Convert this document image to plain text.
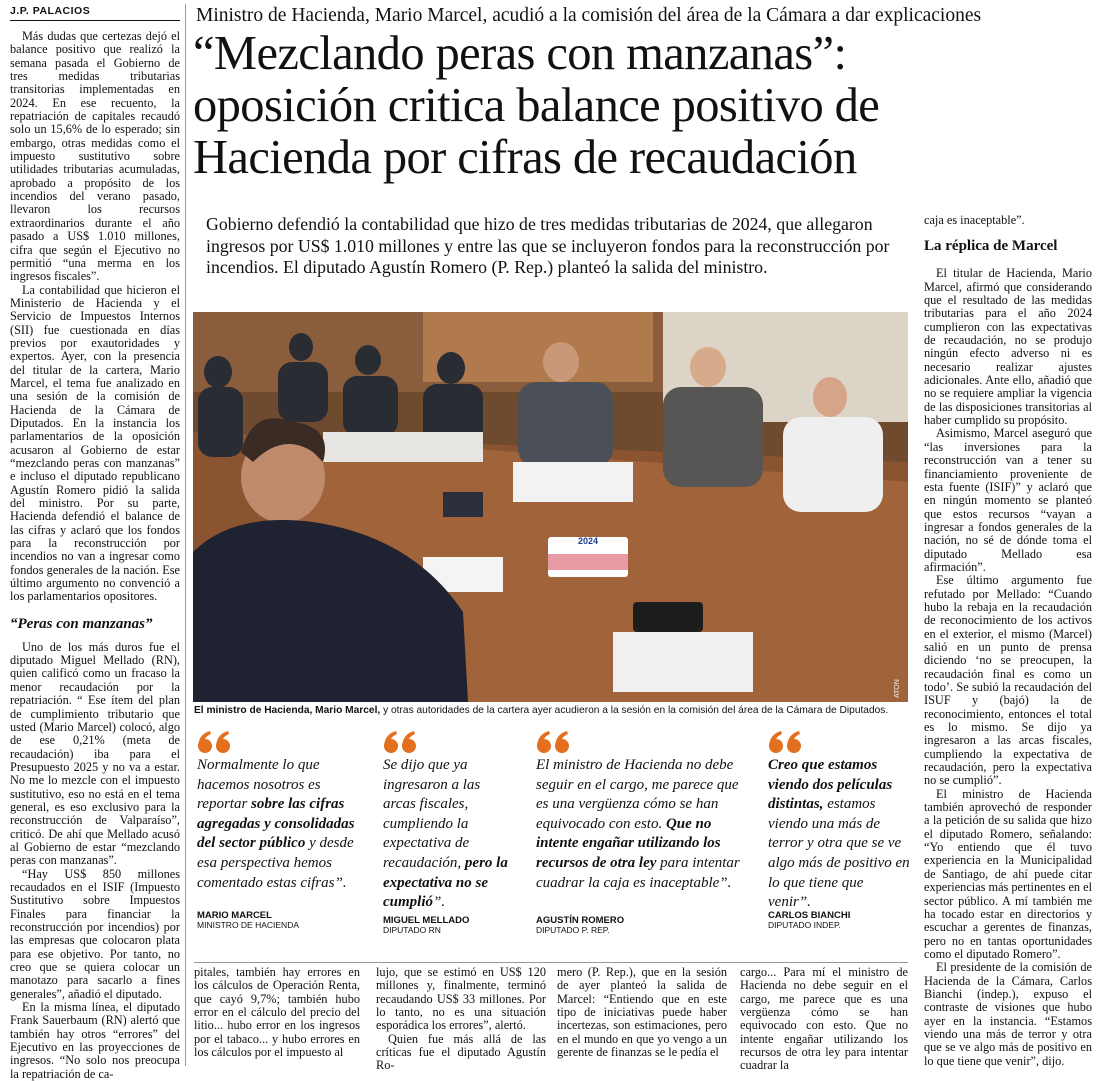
J.P. PALACIOS	Ministro de Hacienda, Mario Marcel, acudió a la comisión del área de la Cámara a dar explicaciones
“Mezclando peras con manzanas”:
oposición critica balance positivo de
Hacienda por cifras de recaudación
Gobierno defendió la contabilidad que hizo de tres medidas tributarias de 2024, que allegaron ingresos por US$ 1.010 millones y entre las que se incluyeron fondos para la reconstrucción por incendios. El diputado Agustín Romero (P. Rep.) planteó la salida del ministro.

Más dudas que certezas dejó el balance positivo que realizó la semana pasada el Gobierno de tres medidas tributarias transitorias implementadas en 2024. En ese recuento, la repatriación de capitales recaudó solo un 15,6% de lo esperado; sin embargo, otras medidas como el impuesto sustitutivo sobre utilidades tributarias acumuladas, aprobado a propósito de los incendios del verano pasado, llevaron los recursos extraordinarios durante el año pasado a US$ 1.010 millones, cifra que según el Ejecutivo no permitió “una merma en los ingresos fiscales”.

La contabilidad que hicieron el Ministerio de Hacienda y el Servicio de Impuestos Internos (SII) fue cuestionada en días previos por exautoridades y expertos. Ayer, con la presencia del titular de la cartera, Mario Marcel, el tema fue analizado en una sesión de la comisión de Hacienda de la Cámara de Diputados. En la instancia los parlamentarios de la oposición acusaron al Gobierno de estar “mezclando peras con manzanas” e incluso el diputado republicano Agustín Romero pidió la salida del ministro. Por su parte, Hacienda defendió el balance de las cifras y aclaró que los fondos para la reconstrucción por incendios no van a ingresar como fondos generales de la nación. Ese último argumento no convenció a los parlamentarios opositores.

“Peras con manzanas”

Uno de los más duros fue el diputado Miguel Mellado (RN), quien calificó como un fracaso la menor recaudación por la repatriación. “ Ese ítem del plan de cumplimiento tributario que usted (Mario Marcel) colocó, algo de ese 0,21% (meta de recaudación) iba para el Presupuesto 2025 y no va a estar. No me lo mezcle con el impuesto sustitutivo, eso no está en el tema general, es eso exclusivo para la reconstrucción de Valparaíso”, criticó. De ahí que Mellado acusó al Gobierno de estar “mezclando peras con manzanas”.

“Hay US$ 850 millones recaudados en el ISIF (Impuesto Sustitutivo sobre Impuestos Finales para financiar la reconstrucción por incendios) por las empresas que colocaron plata para ese objetivo. Por tanto, no creo que se quiera colocar un manotazo para sacarlo a fines generales”, añadió el diputado.

En la misma línea, el diputado Frank Sauerbaum (RN) alertó que también hay otros “errores” del Ejecutivo en las proyecciones de ingresos. “No solo nos preocupa la repatriación de ca-

2024
ATON
El ministro de Hacienda, Mario Marcel, y otras autoridades de la cartera ayer acudieron a la sesión en la comisión del área de la Cámara de Diputados.
Normalmente lo que hacemos nosotros es reportar sobre las cifras agregadas y consolidadas del sector público y desde esa perspectiva hemos comentado estas cifras”.
MARIO MARCEL
MINISTRO DE HACIENDA
Se dijo que ya ingresaron a las arcas fiscales, cumpliendo la expectativa de recaudación, pero la expectativa no se cumplió”.
MIGUEL MELLADO
DIPUTADO RN
El ministro de Hacienda no debe seguir en el cargo, me parece que es una vergüenza cómo se han equivocado con esto. Que no intente engañar utilizando los recursos de otra ley para intentar cuadrar la caja es inaceptable”.
AGUSTÍN ROMERO
DIPUTADO P. REP.
Creo que estamos viendo dos películas distintas, estamos viendo una más de terror y otra que se ve algo más de positivo en lo que tiene que venir”.
CARLOS BIANCHI
DIPUTADO INDEP.

pitales, también hay errores en los cálculos de Operación Renta, que cayó 9,7%; también hubo error en el cálculo del precio del litio... hubo error en los ingresos por el tabaco... y hubo errores en los cálculos por el impuesto al

lujo, que se estimó en US$ 120 millones y, finalmente, terminó recaudando US$ 33 millones. Por lo tanto, no es una situación esporádica los errores”, alertó.

Quien fue más allá de las críticas fue el diputado Agustín Ro-

mero (P. Rep.), que en la sesión de ayer planteó la salida de Marcel: “Entiendo que en este tipo de iniciativas puede haber incertezas, son estimaciones, pero en el mundo en que yo vengo a un gerente de finanzas se le pedía el

cargo... Para mí el ministro de Hacienda no debe seguir en el cargo, me parece que es una vergüenza cómo se han equivocado con esto. Que no intente engañar utilizando los recursos de otra ley para intentar cuadrar la

caja es inaceptable”.

La réplica de Marcel

El titular de Hacienda, Mario Marcel, afirmó que considerando que el resultado de las medidas tributarias para el año 2024 cumplieron con las expectativas de recaudación, no se produjo ningún efecto adverso ni es necesario realizar ajustes adicionales. Ante ello, añadió que no se requiere ampliar la vigencia de las disposiciones transitorias al haber cumplido su propósito.

Asimismo, Marcel aseguró que “las inversiones para la reconstrucción van a tener su financiamiento proveniente de esta fuente (ISIF)” y aclaró que en ningún momento se planteó que estos recursos “vayan a ingresar a fondos generales de la nación, no sé de dónde toma el diputado Mellado esa afirmación”.

Ese último argumento fue refutado por Mellado: “Cuando hubo la rebaja en la recaudación de reconocimiento de los activos en el exterior, el mismo (Marcel) salió en un punto de prensa diciendo ‘no se preocupen, la recaudación final es como un todo’. Se subió la recaudación del ISUF y (bajó) la de reconocimiento, entonces el total es lo mismo. Se dijo ya ingresaron a las arcas fiscales, cumpliendo la expectativa de recaudación, pero la expectativa no se cumplió”.

El ministro de Hacienda también aprovechó de responder a la petición de su salida que hizo el diputado Romero, señalando: “Yo entiendo que él tuvo experiencia en la Municipalidad de Santiago, de ahí puede citar experiencias más pertinentes en el sector público. A mí también me ha tocado estar en directorios y escuchar a gerentes de finanzas, pero no en tantas oportunidades como el diputado Romero”.

El presidente de la comisión de Hacienda de la Cámara, Carlos Bianchi (indep.), expuso el contraste de visiones que hubo ayer en la instancia. “Estamos viendo una más de terror y otra que se ve algo más de positivo en lo que tiene que venir”, dijo.
